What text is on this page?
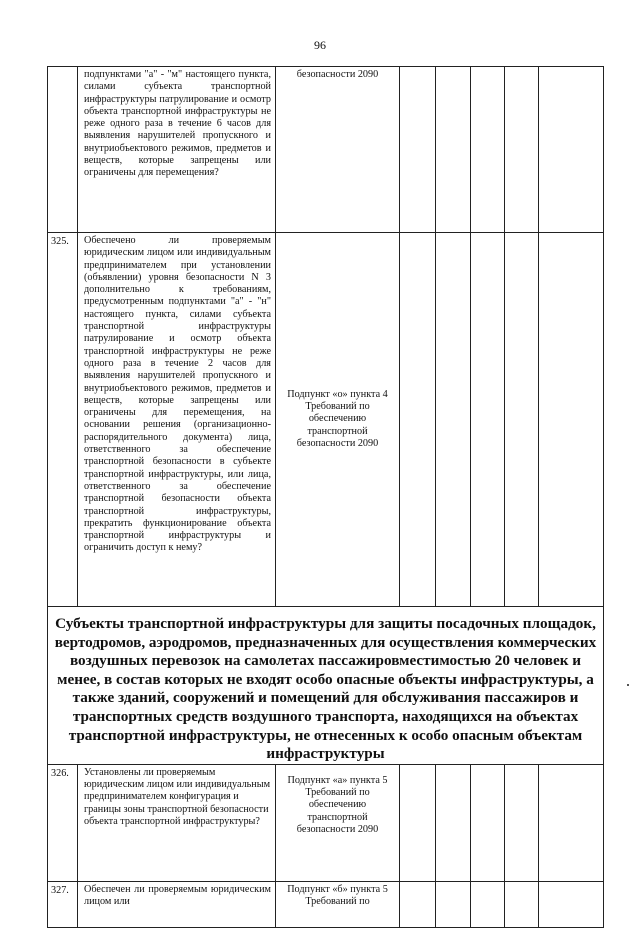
96
	подпунктами "а" - "м" настоящего пункта, силами субъекта транспортной инфраструктуры патрулирование и осмотр объекта транспортной инфраструктуры не реже одного раза в течение 6 часов для выявления нарушителей пропускного и внутриобъектового режимов, предметов и веществ, которые запрещены или ограничены для перемещения?	безопасности 2090					
325.	Обеспечено ли проверяемым юридическим лицом или индивидуальным предпринимателем при установлении (объявлении) уровня безопасности N 3 дополнительно к требованиям, предусмотренным подпунктами "а" - "н" настоящего пункта, силами субъекта транспортной инфраструктуры патрулирование и осмотр объекта транспортной инфраструктуры не реже одного раза в течение 2 часов для выявления нарушителей пропускного и внутриобъектового режимов, предметов и веществ, которые запрещены или ограничены для перемещения, на основании решения (организационно-распорядительного документа) лица, ответственного за обеспечение транспортной безопасности в субъекте транспортной инфраструктуры, или лица, ответственного за обеспечение транспортной безопасности объекта транспортной инфраструктуры, прекратить функционирование объекта транспортной инфраструктуры и ограничить доступ к нему?	Подпункт «о» пункта 4 Требований по обеспечению транспортной безопасности 2090					
Субъекты транспортной инфраструктуры для защиты посадочных площадок, вертодромов, аэродромов, предназначенных для осуществления коммерческих воздушных перевозок на самолетах пассажировместимостью 20 человек и менее, в состав которых не входят особо опасные объекты инфраструктуры, а также зданий, сооружений и помещений для обслуживания пассажиров и транспортных средств воздушного транспорта, находящихся на объектах транспортной инфраструктуры, не отнесенных к особо опасным объектам инфраструктуры							
326.	Установлены ли проверяемым юридическим лицом или индивидуальным предпринимателем конфигурация и границы зоны транспортной безопасности объекта транспортной инфраструктуры?	Подпункт «а» пункта 5 Требований по обеспечению транспортной безопасности 2090					
327.	Обеспечен ли проверяемым юридическим лицом или	Подпункт «б» пункта 5 Требований по					
